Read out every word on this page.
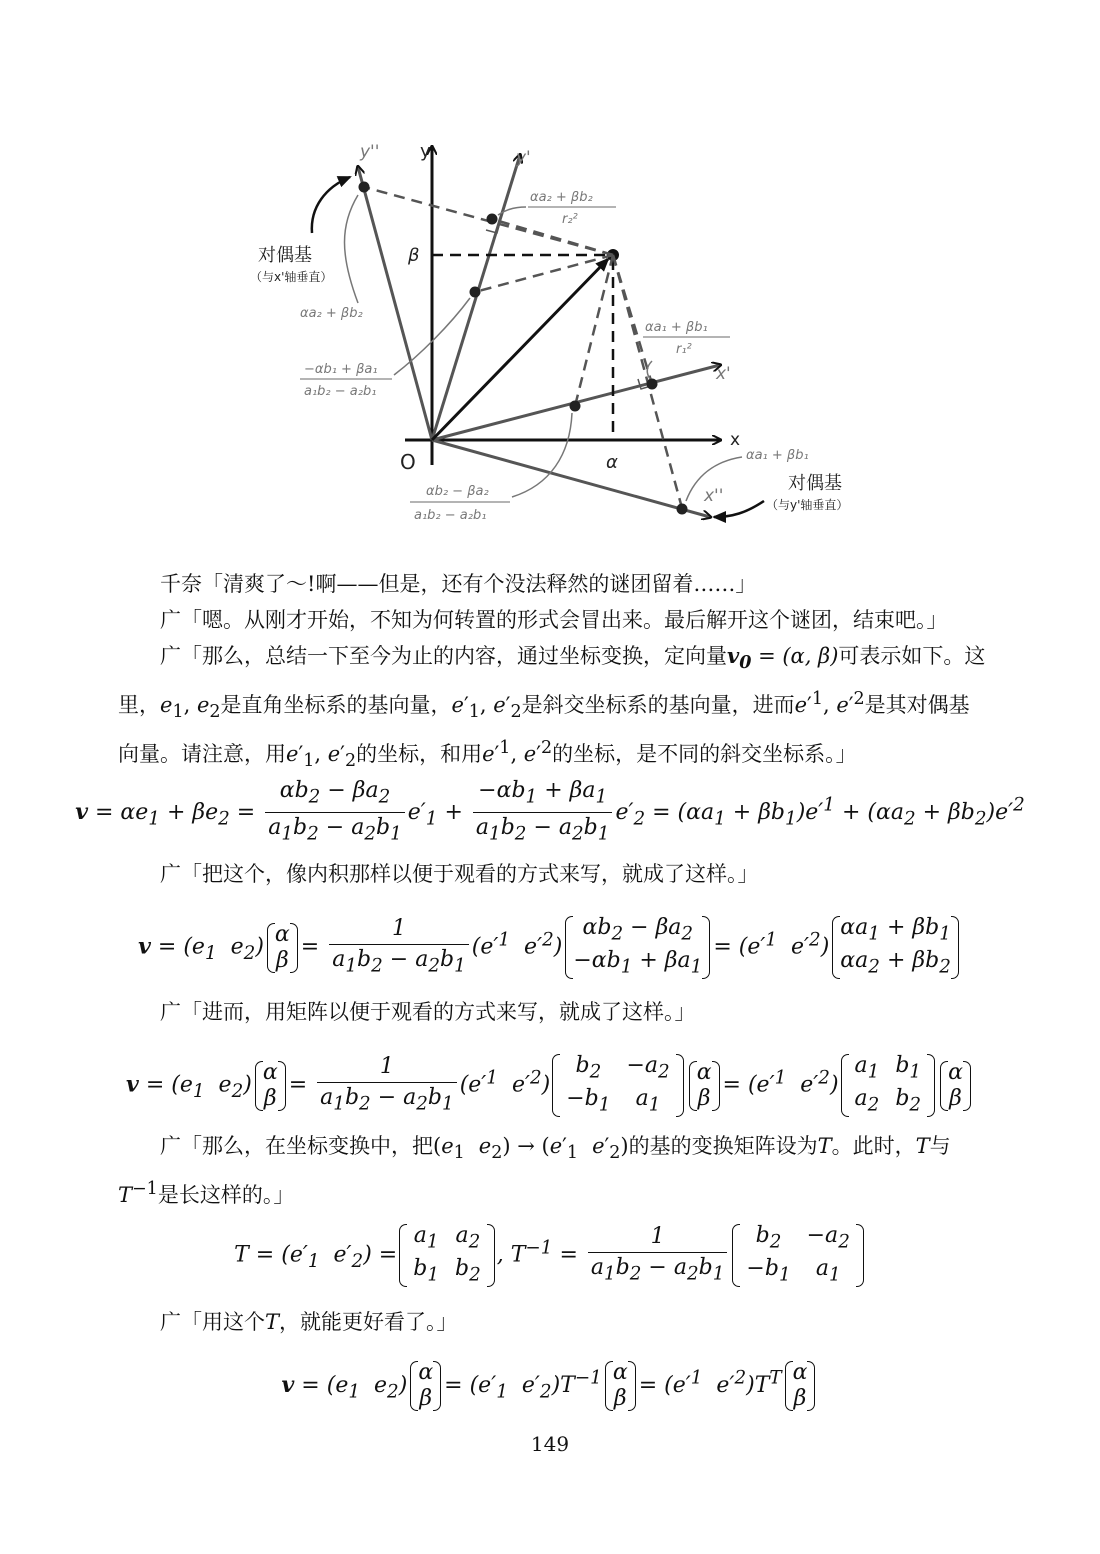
y	y'
y''
x
x'
x''
O	α
β
αa₂ + βb₂
r₂²
αa₁ + βb₁
r₁²
对偶基
（与x'轴垂直）
αa₂ + βb₂
−αb₁ + βa₁
a₁b₂ − a₂b₁
αb₂ − βa₂
a₁b₂ − a₂b₁
αa₁ + βb₁
对偶基
（与y'轴垂直）

千奈「清爽了～!啊——但是，还有个没法释然的谜团留着……」

广「嗯。从刚才开始，不知为何转置的形式会冒出来。最后解开这个谜团，结束吧。」

广「那么，总结一下至今为止的内容，通过坐标变换，定向量$v_0 = (\alpha$, β)可表示如下。这里，$e_1$, $e_2$是直角坐标系的基向量，$e'_1$, $e'_2$是斜交坐标系的基向量，进而$e'^1$, $e'^2$是其对偶基向量。请注意，用$e'_1$, $e'_2$的坐标，和用$e'^1$, $e'^2$的坐标，是不同的斜交坐标系。」

$v = \alpha e_1 + \beta e_2 = \frac{\alpha b_2 - \beta a_2}{a_1b_2 - a_2b_1} e'_1 + \frac{-\alpha b_1 + \beta a_1}{a_1b_2 - a_2b_1} e'_2 = (\alpha a_1 + \beta b_1)e'^1 + (\alpha a_2 + \beta b_2)e'^2$

广「把这个，像内积那样以便于观看的方式来写，就成了这样。」

$v = (e_1$ $e_2$)
α
β
= $\frac{1}{a_1b_2 - a_2b_1} (e'^1$ $e'^2$)
$\alpha b_2 - \beta a_2$
$-\alpha b_1 + \beta a_1$
= ($e'^1$ $e'^2$)
$\alpha a_1 + \beta b_1$
$\alpha a_2 + \beta b_2$

广「进而，用矩阵以便于观看的方式来写，就成了这样。」

$v = (e_1$ $e_2$)
α
β
= $\frac{1}{a_1b_2 - a_2b_1} (e'^1$ $e'^2$)
$b_2$	$-a_2$
$-b_1$	$a_1$
α
β
= ($e'^1$ $e'^2$)
$a_1$	$b_1$
$a_2$	$b_2$
α
β

广「那么，在坐标变换中，把($e_1$ $e_2) \to (e'_1$ $e'_2$)的基的变换矩阵设为T。此时，T与$T^{-1}$是长这样的。」

$T = (e'_1$ $e'_2$) =
$a_1$	$a_2$
$b_1$	$b_2$
, $T^{-1} = \frac{1}{a_1b_2 - a_2b_1} b_2$	$-a_2$
$-b_1$	$a_1$

广「用这个T，就能更好看了。」

$v = (e_1$ $e_2$)
α
β
= ($e'_1$ $e'_2)T^{-1}$ α
β
= ($e'^1$ $e'^2)T^T$ α
β
149
